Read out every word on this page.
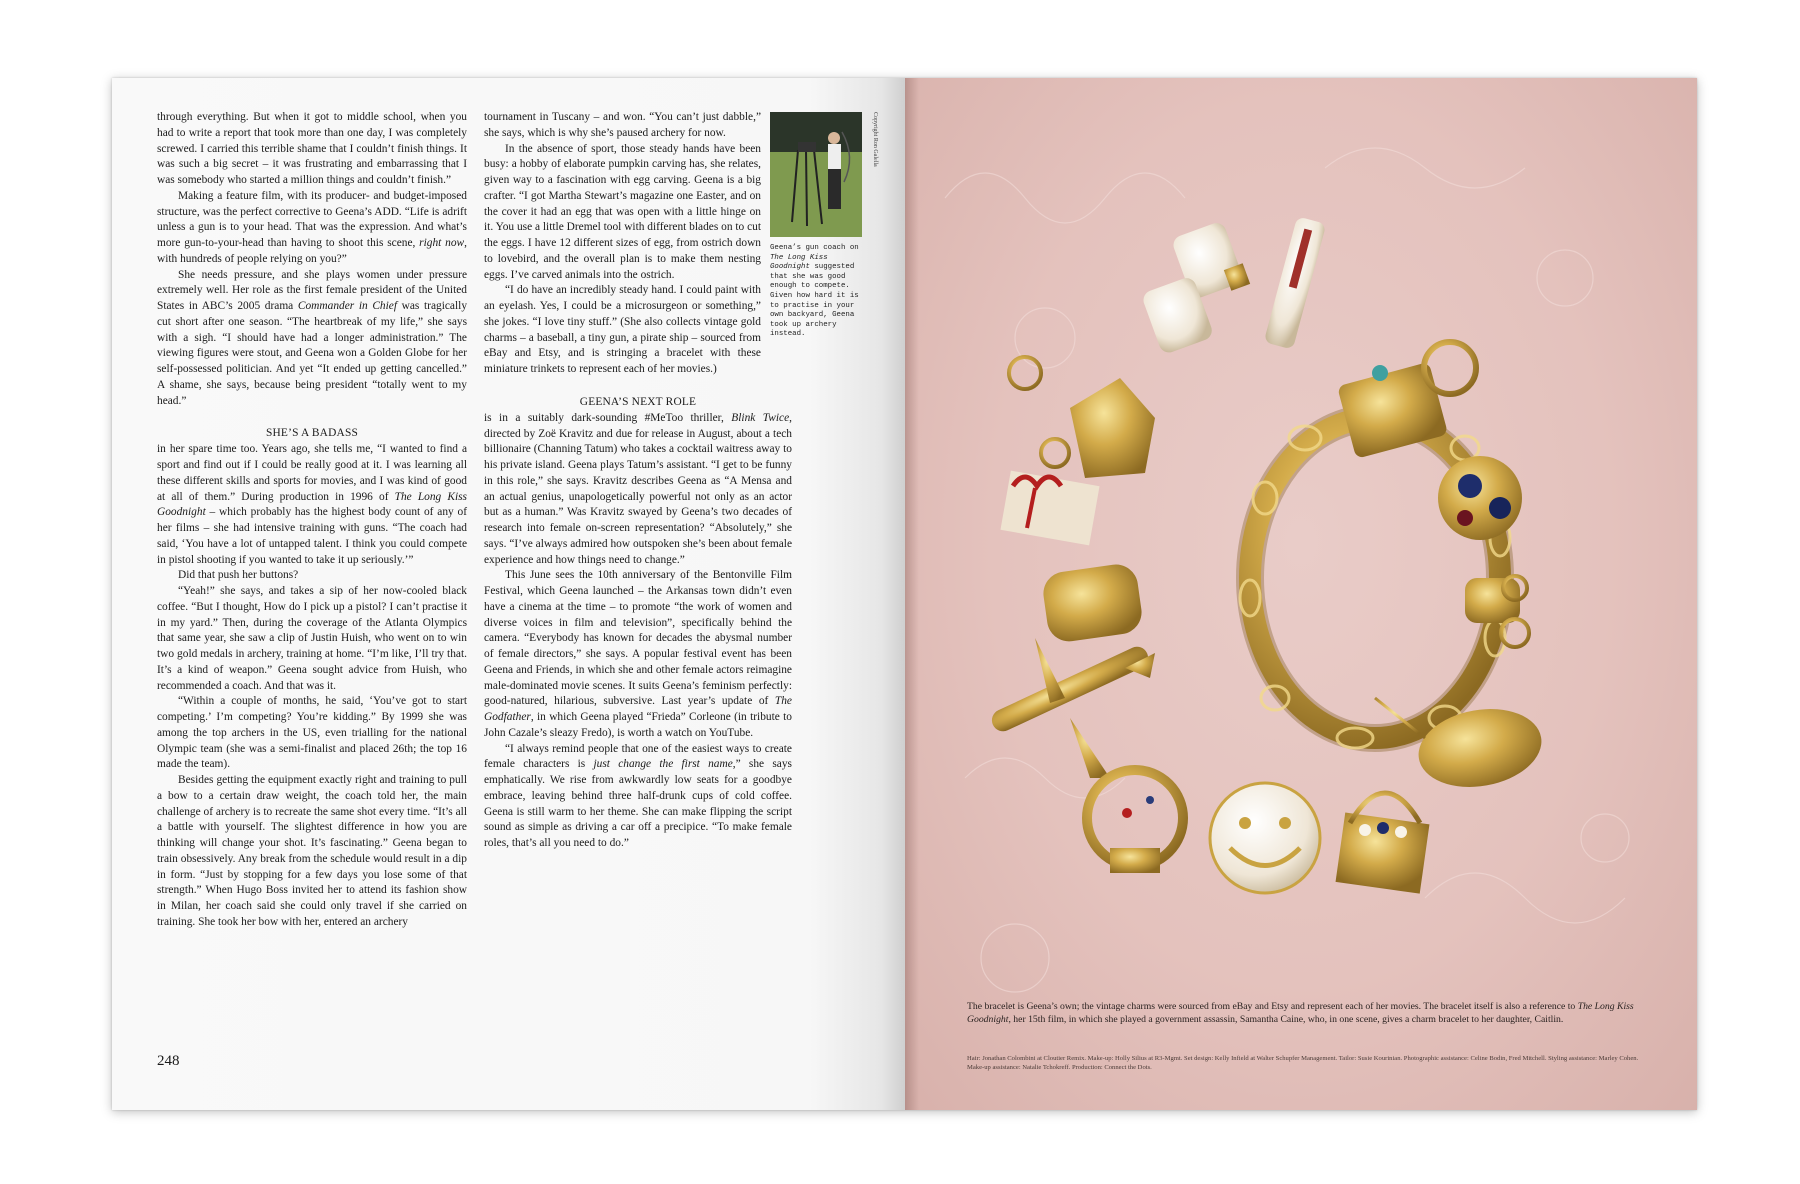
through everything. But when it got to middle school, when you had to write a report that took more than one day, I was completely screwed. I carried this terrible shame that I couldn’t finish things. It was such a big secret – it was frustrating and embarrassing that I was somebody who started a million things and couldn’t finish.”

Making a feature film, with its producer- and budget-imposed structure, was the perfect corrective to Geena’s ADD. “Life is adrift unless a gun is to your head. That was the expression. And what’s more gun-to-your-head than having to shoot this scene, right now, with hundreds of people relying on you?”

She needs pressure, and she plays women under pressure extremely well. Her role as the first female president of the United States in ABC’s 2005 drama Commander in Chief was tragically cut short after one season. “The heartbreak of my life,” she says with a sigh. “I should have had a longer administration.” The viewing figures were stout, and Geena won a Golden Globe for her self-possessed politician. And yet “It ended up getting cancelled.” A shame, she says, because being president “totally went to my head.”

SHE’S A BADASS

in her spare time too. Years ago, she tells me, “I wanted to find a sport and find out if I could be really good at it. I was learning all these different skills and sports for movies, and I was kind of good at all of them.” During production in 1996 of The Long Kiss Goodnight – which probably has the highest body count of any of her films – she had intensive training with guns. “The coach had said, ‘You have a lot of untapped talent. I think you could compete in pistol shooting if you wanted to take it up seriously.’”

Did that push her buttons?

“Yeah!” she says, and takes a sip of her now-cooled black coffee. “But I thought, How do I pick up a pistol? I can’t practise it in my yard.” Then, during the coverage of the Atlanta Olympics that same year, she saw a clip of Justin Huish, who went on to win two gold medals in archery, training at home. “I’m like, I’ll try that. It’s a kind of weapon.” Geena sought advice from Huish, who recommended a coach. And that was it.

“Within a couple of months, he said, ‘You’ve got to start competing.’ I’m competing? You’re kidding.” By 1999 she was among the top archers in the US, even trialling for the national Olympic team (she was a semi-finalist and placed 26th; the top 16 made the team).

Besides getting the equipment exactly right and training to pull a bow to a certain draw weight, the coach told her, the main challenge of archery is to recreate the same shot every time. “It’s all a battle with yourself. The slightest difference in how you are thinking will change your shot. It’s fascinating.” Geena began to train obsessively. Any break from the schedule would result in a dip in form. “Just by stopping for a few days you lose some of that strength.” When Hugo Boss invited her to attend its fashion show in Milan, her coach said she could only travel if she carried on training. She took her bow with her, entered an archery

tournament in Tuscany – and won. “You can’t just dabble,” she says, which is why she’s paused archery for now.

In the absence of sport, those steady hands have been busy: a hobby of elaborate pumpkin carving has, she relates, given way to a fascination with egg carving. Geena is a big crafter. “I got Martha Stewart’s magazine one Easter, and on the cover it had an egg that was open with a little hinge on it. You use a little Dremel tool with different blades on to cut the eggs. I have 12 different sizes of egg, from ostrich down to lovebird, and the overall plan is to make them nesting eggs. I’ve carved animals into the ostrich.

“I do have an incredibly steady hand. I could paint with an eyelash. Yes, I could be a microsurgeon or something,” she jokes. “I love tiny stuff.” (She also collects vintage gold charms – a baseball, a tiny gun, a pirate ship – sourced from eBay and Etsy, and is stringing a bracelet with these miniature trinkets to represent each of her movies.)

GEENA’S NEXT ROLE

is in a suitably dark-sounding #MeToo thriller, Blink Twice, directed by Zoë Kravitz and due for release in August, about a tech billionaire (Channing Tatum) who takes a cocktail waitress away to his private island. Geena plays Tatum’s assistant. “I get to be funny in this role,” she says. Kravitz describes Geena as “A Mensa and an actual genius, unapologetically powerful not only as an actor but as a human.” Was Kravitz swayed by Geena’s two decades of research into female on-screen representation? “Absolutely,” she says. “I’ve always admired how outspoken she’s been about female experience and how things need to change.”

This June sees the 10th anniversary of the Bentonville Film Festival, which Geena launched – the Arkansas town didn’t even have a cinema at the time – to promote “the work of women and diverse voices in film and television”, specifically behind the camera. “Everybody has known for decades the abysmal number of female directors,” she says. A popular festival event has been Geena and Friends, in which she and other female actors reimagine male-dominated movie scenes. It suits Geena’s feminism perfectly: good-natured, hilarious, subversive. Last year’s update of The Godfather, in which Geena played “Frieda” Corleone (in tribute to John Cazale’s sleazy Fredo), is worth a watch on YouTube.

“I always remind people that one of the easiest ways to create female characters is just change the first name,” she says emphatically. We rise from awkwardly low seats for a goodbye embrace, leaving behind three half-drunk cups of cold coffee. Geena is still warm to her theme. She can make flipping the script sound as simple as driving a car off a precipice. “To make female roles, that’s all you need to do.”

Copyright Ron Galella
Geena’s gun coach on The Long Kiss Goodnight suggested that she was good enough to compete. Given how hard it is to practise in your own backyard, Geena took up archery instead.
248
The bracelet is Geena’s own; the vintage charms were sourced from eBay and Etsy and represent each of her movies. The bracelet itself is also a reference to The Long Kiss Goodnight, her 15th film, in which she played a government assassin, Samantha Caine, who, in one scene, gives a charm bracelet to her daughter, Caitlin.
Hair: Jonathan Colombini at Cloutier Remix. Make-up: Holly Silius at R3-Mgmt. Set design: Kelly Infield at Walter Schupfer Management. Tailor: Susie Kourinian. Photographic assistance: Celine Bodin, Fred Mitchell. Styling assistance: Marley Cohen. Make-up assistance: Natalie Tchokreff. Production: Connect the Dots.
